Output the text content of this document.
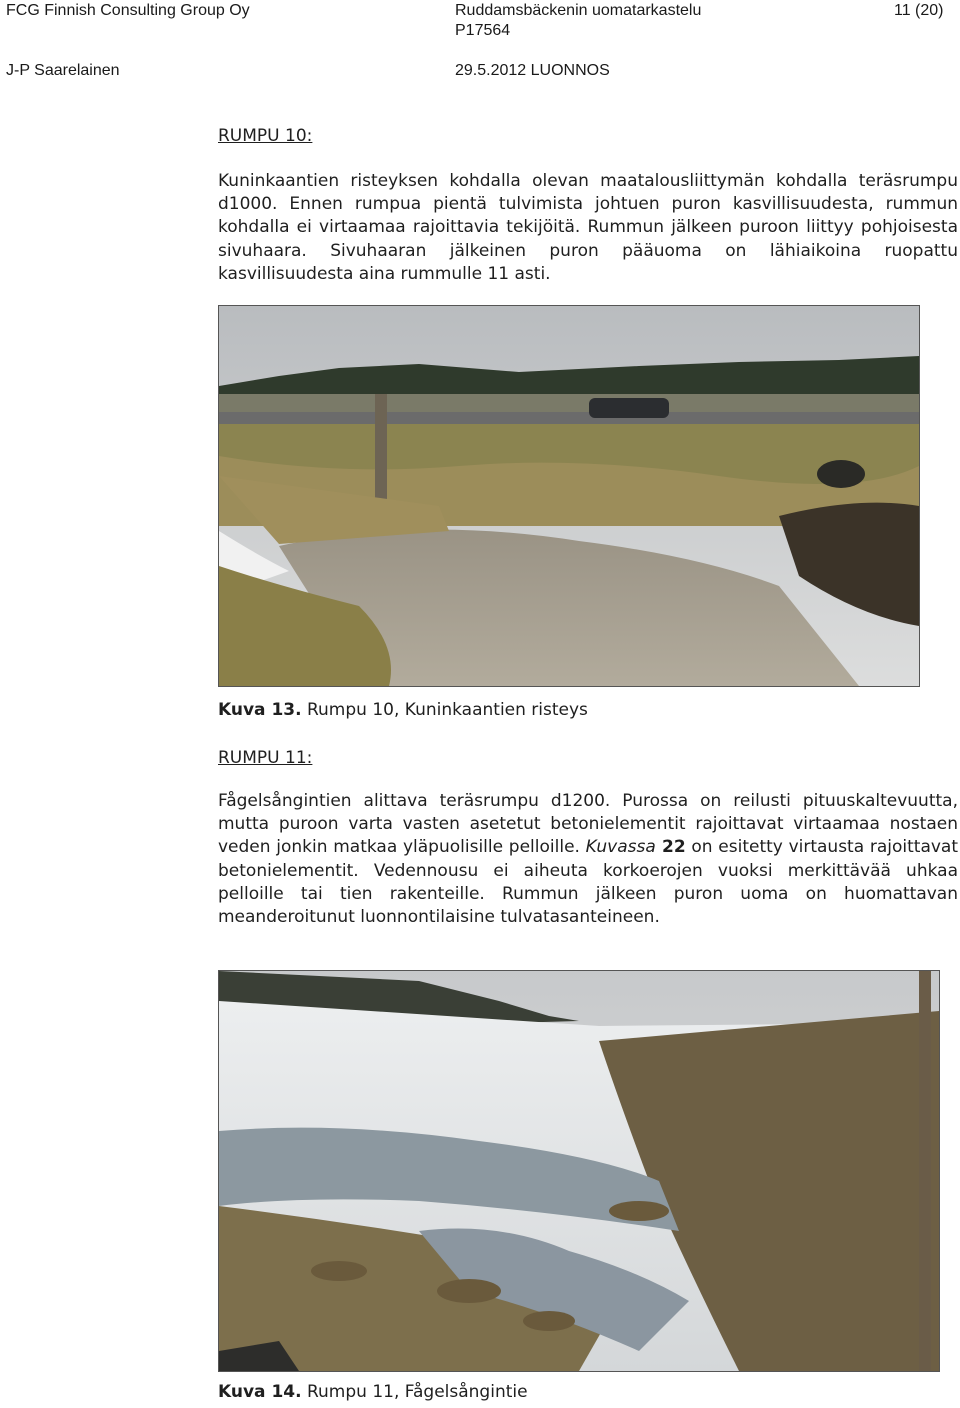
FCG Finnish Consulting Group Oy	Ruddamsbäckenin uomatarkastelu	11 (20)
P17564
J-P Saarelainen	29.5.2012 LUONNOS
RUMPU 10:
Kuninkaantien risteyksen kohdalla olevan maatalousliittymän kohdalla teräsrumpu d1000. Ennen rumpua pientä tulvimista johtuen puron kasvillisuudesta, rummun kohdalla ei virtaamaa rajoittavia tekijöitä. Rummun jälkeen puroon liittyy pohjoisesta sivuhaara. Sivuhaaran jälkeinen puron pääuoma on lähiaikoina ruopattu kasvillisuudesta aina rummulle 11 asti.
Kuva 13. Rumpu 10, Kuninkaantien risteys
RUMPU 11:
Fågelsångintien alittava teräsrumpu d1200. Purossa on reilusti pituuskaltevuutta, mutta puroon varta vasten asetetut betonielementit rajoittavat virtaamaa nostaen veden jonkin matkaa yläpuolisille pelloille. Kuvassa 22 on esitetty virtausta rajoittavat betonielementit. Vedennousu ei aiheuta korkoerojen vuoksi merkittävää uhkaa pelloille tai tien rakenteille. Rummun jälkeen puron uoma on huomattavan meanderoitunut luonnontilaisine tulvatasanteineen.
Kuva 14. Rumpu 11, Fågelsångintie
